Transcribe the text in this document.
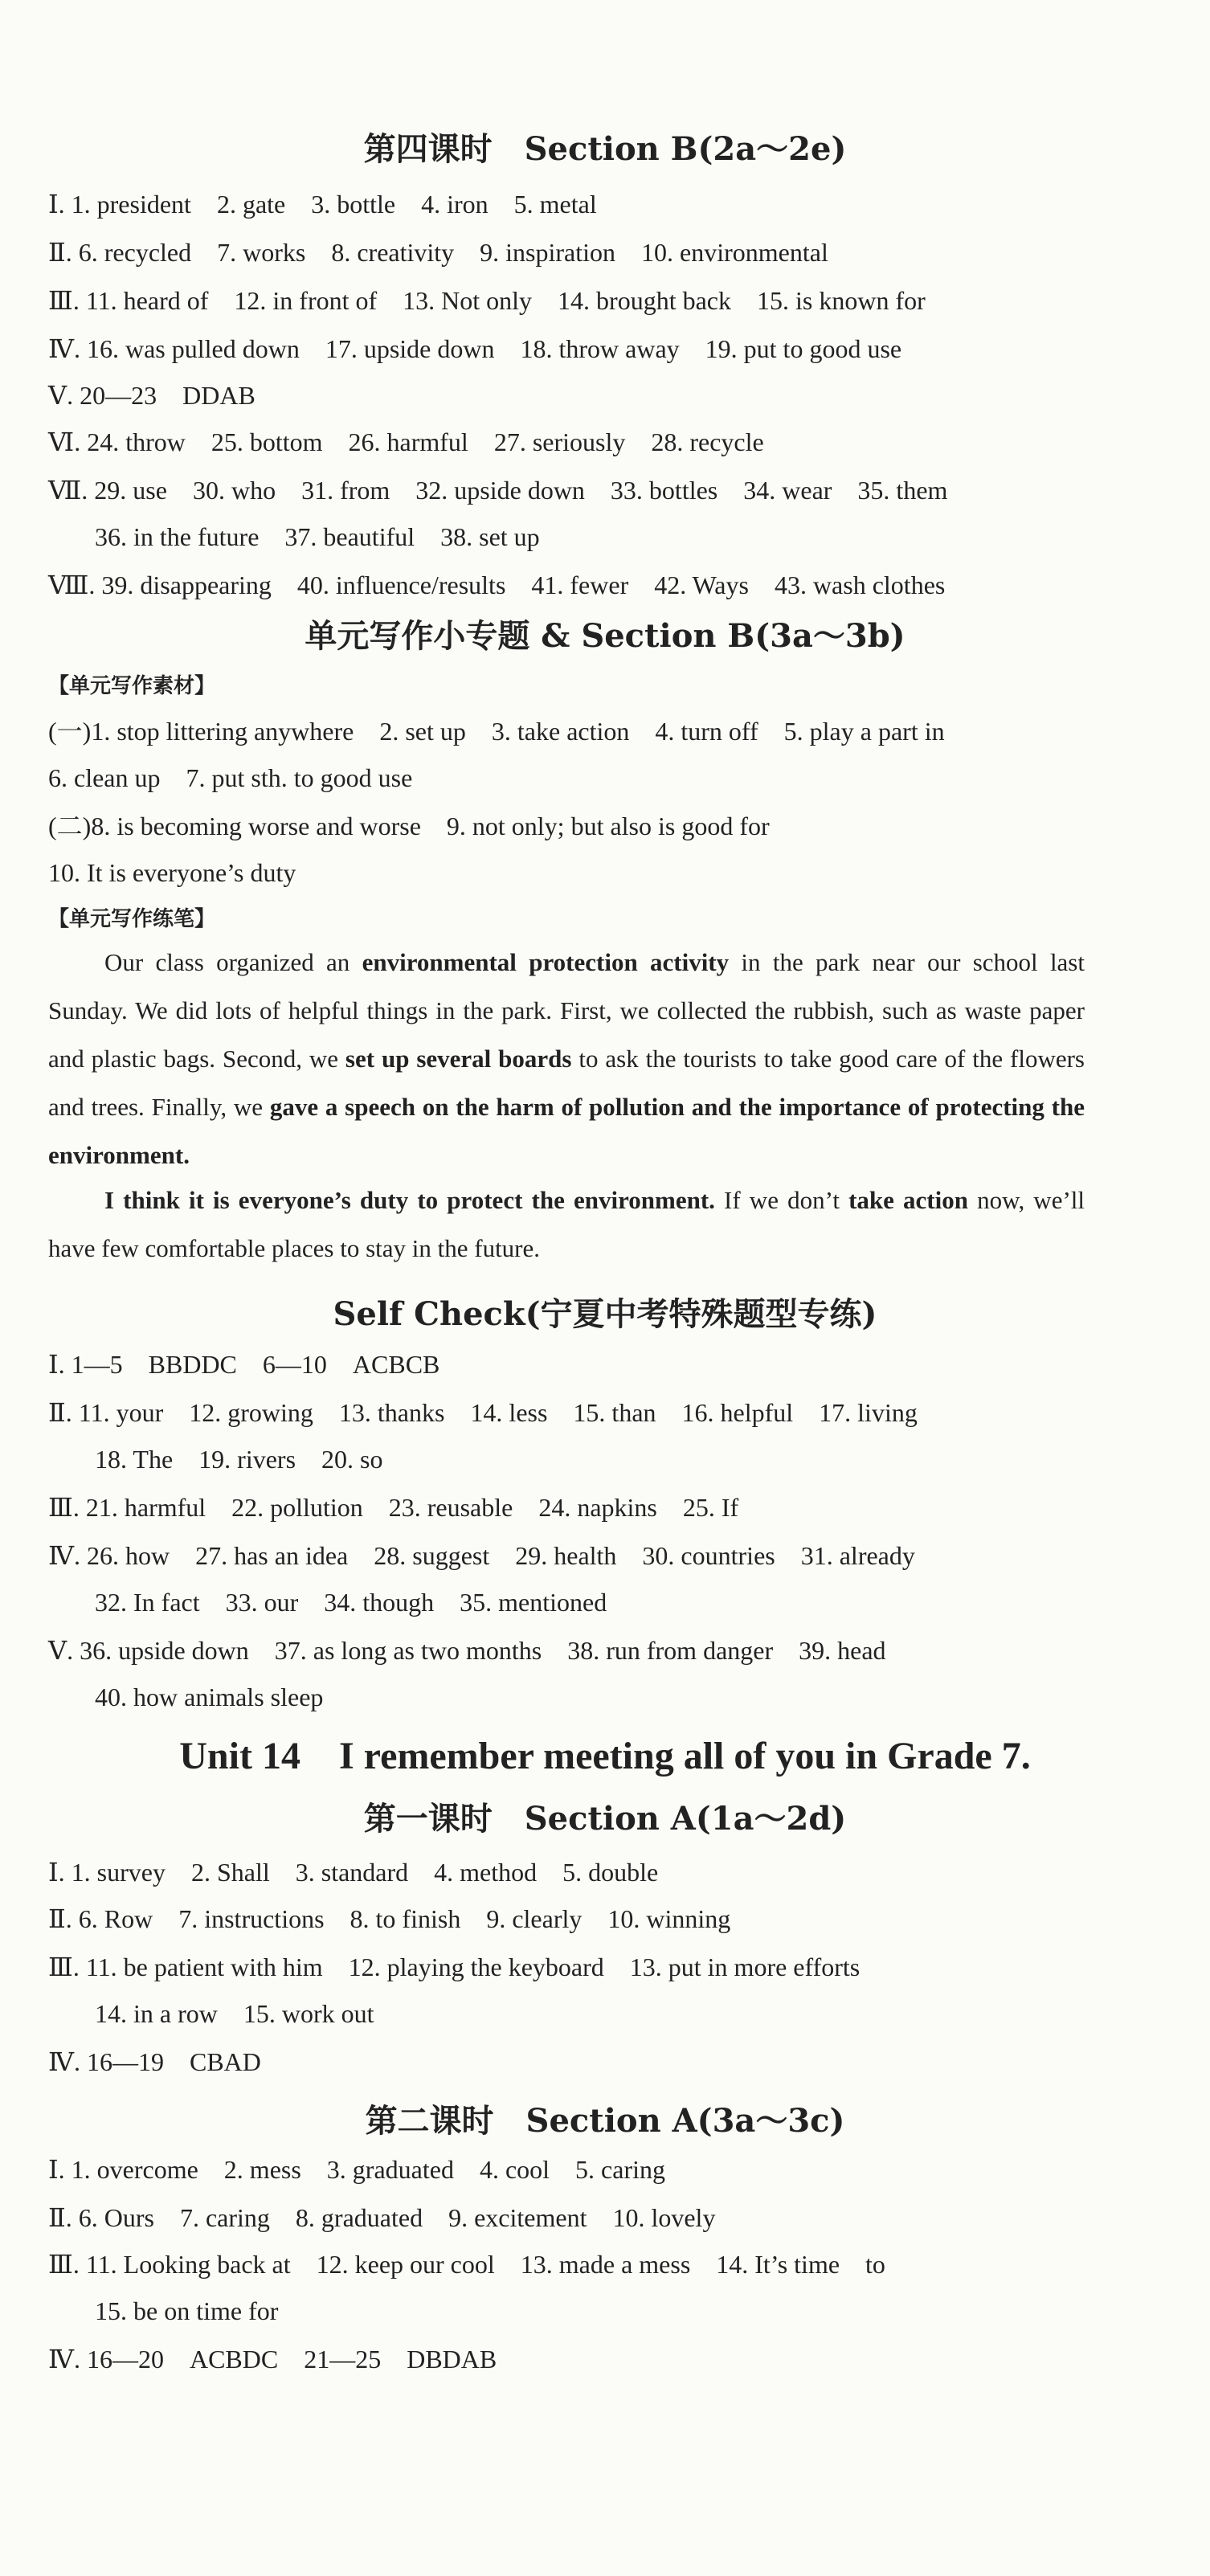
第四课时　Section B(2a～2e)
Ⅰ. 1. president　2. gate　3. bottle　4. iron　5. metal
Ⅱ. 6. recycled　7. works　8. creativity　9. inspiration　10. environmental
Ⅲ. 11. heard of　12. in front of　13. Not only　14. brought back　15. is known for
Ⅳ. 16. was pulled down　17. upside down　18. throw away　19. put to good use
Ⅴ. 20—23　DDAB
Ⅵ. 24. throw　25. bottom　26. harmful　27. seriously　28. recycle
Ⅶ. 29. use　30. who　31. from　32. upside down　33. bottles　34. wear　35. them
36. in the future　37. beautiful　38. set up
Ⅷ. 39. disappearing　40. influence/results　41. fewer　42. Ways　43. wash clothes
单元写作小专题 & Section B(3a～3b)
【单元写作素材】
(一)1. stop littering anywhere　2. set up　3. take action　4. turn off　5. play a part in
6. clean up　7. put sth. to good use
(二)8. is becoming worse and worse　9. not only; but also is good for
10. It is everyone’s duty
【单元写作练笔】
Our class organized an environmental protection activity in the park near our school last Sunday. We did lots of helpful things in the park. First, we collected the rubbish, such as waste paper and plastic bags. Second, we set up several boards to ask the tourists to take good care of the flowers and trees. Finally, we gave a speech on the harm of pollution and the importance of protecting the environment.
I think it is everyone’s duty to protect the environment. If we don’t take action now, we’ll have few comfortable places to stay in the future.
Self Check(宁夏中考特殊题型专练)
Ⅰ. 1—5　BBDDC　6—10　ACBCB
Ⅱ. 11. your　12. growing　13. thanks　14. less　15. than　16. helpful　17. living
18. The　19. rivers　20. so
Ⅲ. 21. harmful　22. pollution　23. reusable　24. napkins　25. If
Ⅳ. 26. how　27. has an idea　28. suggest　29. health　30. countries　31. already
32. In fact　33. our　34. though　35. mentioned
Ⅴ. 36. upside down　37. as long as two months　38. run from danger　39. head
40. how animals sleep
Unit 14　I remember meeting all of you in Grade 7.
第一课时　Section A(1a～2d)
Ⅰ. 1. survey　2. Shall　3. standard　4. method　5. double
Ⅱ. 6. Row　7. instructions　8. to finish　9. clearly　10. winning
Ⅲ. 11. be patient with him　12. playing the keyboard　13. put in more efforts
14. in a row　15. work out
Ⅳ. 16—19　CBAD
第二课时　Section A(3a～3c)
Ⅰ. 1. overcome　2. mess　3. graduated　4. cool　5. caring
Ⅱ. 6. Ours　7. caring　8. graduated　9. excitement　10. lovely
Ⅲ. 11. Looking back at　12. keep our cool　13. made a mess　14. It’s time　to
15. be on time for
Ⅳ. 16—20　ACBDC　21—25　DBDAB
